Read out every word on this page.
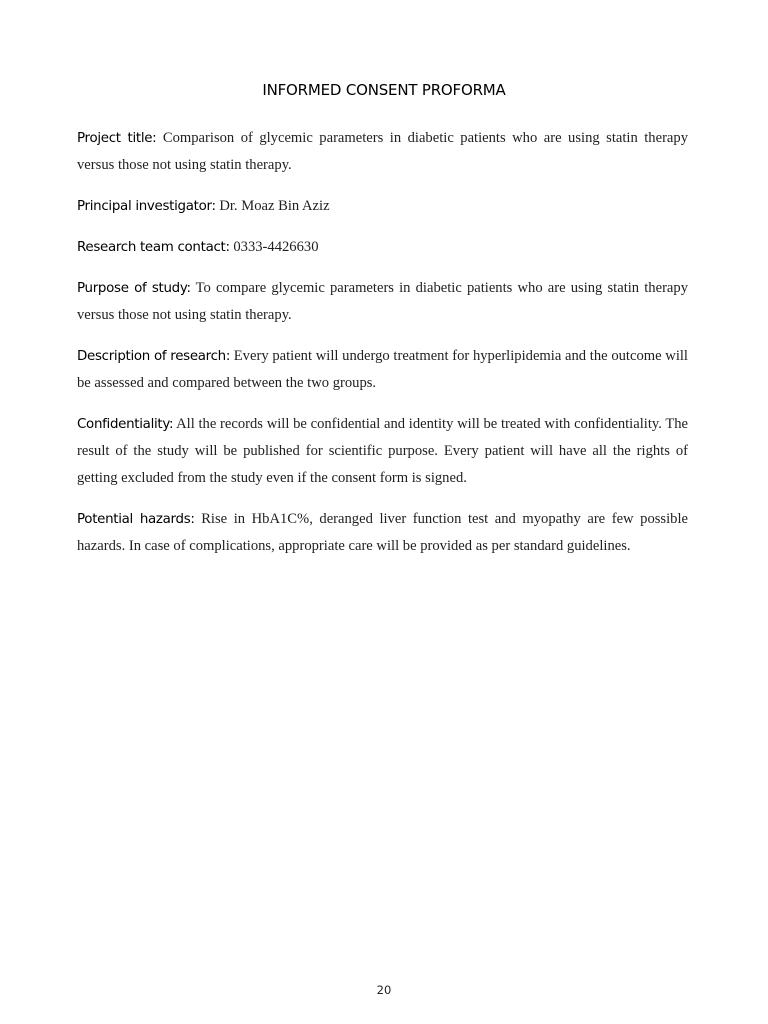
INFORMED CONSENT PROFORMA

Project title: Comparison of glycemic parameters in diabetic patients who are using statin therapy versus those not using statin therapy.

Principal investigator: Dr. Moaz Bin Aziz

Research team contact: 0333-4426630

Purpose of study: To compare glycemic parameters in diabetic patients who are using statin therapy versus those not using statin therapy.

Description of research: Every patient will undergo treatment for hyperlipidemia and the outcome will be assessed and compared between the two groups.

Confidentiality: All the records will be confidential and identity will be treated with confidentiality. The result of the study will be published for scientific purpose. Every patient will have all the rights of getting excluded from the study even if the consent form is signed.

Potential hazards: Rise in HbA1C%, deranged liver function test and myopathy are few possible hazards. In case of complications, appropriate care will be provided as per standard guidelines.

20
